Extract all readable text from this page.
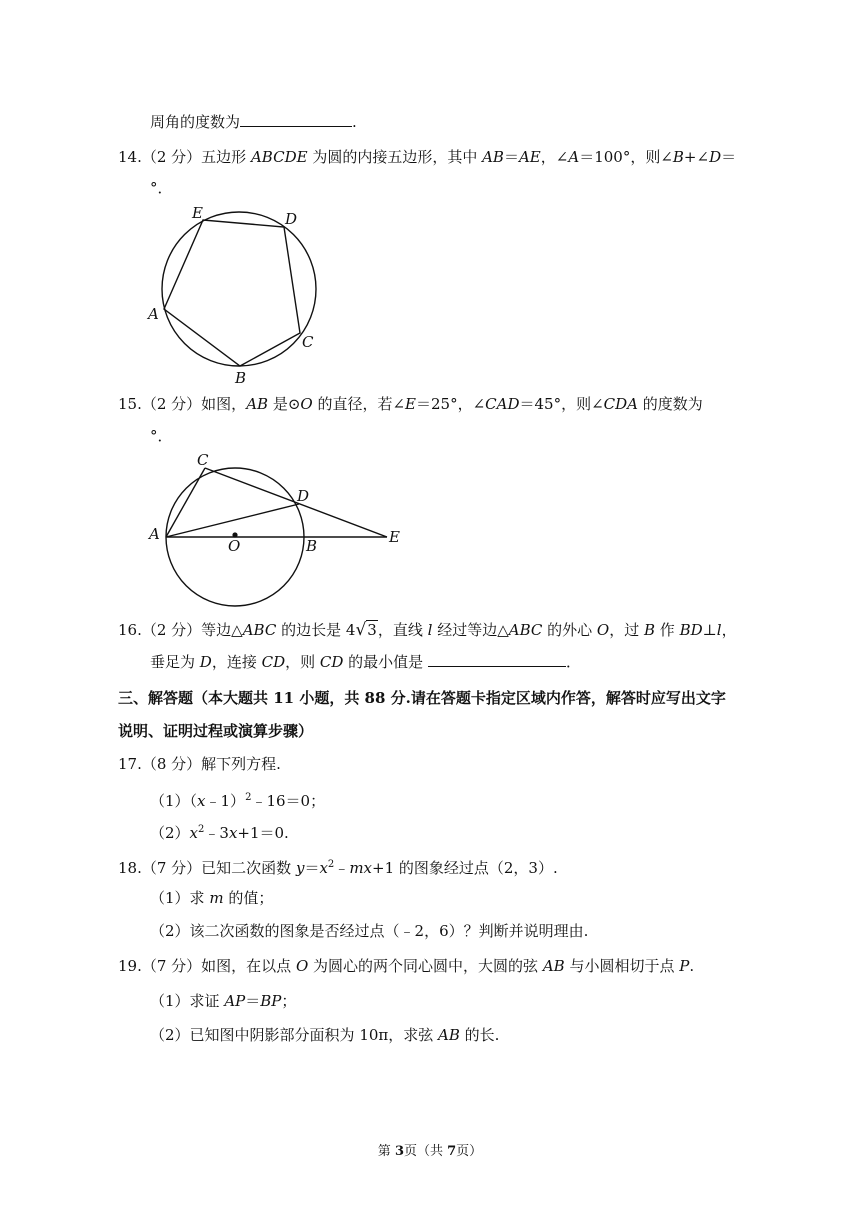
周角的度数为	.
14.（2 分）五边形 ABCDE 为圆的内接五边形，其中 AB＝AE，∠A＝100°，则∠B+∠D＝
°．
E	D
A
C
B
15.（2 分）如图，AB 是⊙O 的直径，若∠E＝25°，∠CAD＝45°，则∠CDA 的度数为
°．
C
D
A
O	B	E
16.（2 分）等边△ABC 的边长是 4√3，直线 l 经过等边△ABC 的外心 O，过 B 作 BD⊥l，
垂足为 D，连接 CD，则 CD 的最小值是	．
三、解答题（本大题共 11 小题，共 88 分.请在答题卡指定区域内作答，解答时应写出文字
说明、证明过程或演算步骤）
17.（8 分）解下列方程.
（1）（x﹣1）$^2$﹣16＝0；
$(2)x^2﹣3x+1=0$.
18.（7 分）已知二次函数 $y=x^2﹣mx+1$ 的图象经过点（2，3）.
（1）求 m 的值；
（2）该二次函数的图象是否经过点（﹣2，6）？判断并说明理由.
19.（7 分）如图，在以点 O 为圆心的两个同心圆中，大圆的弦 AB 与小圆相切于点 P.
（1）求证 AP＝BP；
（2）已知图中阴影部分面积为 10π，求弦 AB 的长.
第 3页（共 7页）
